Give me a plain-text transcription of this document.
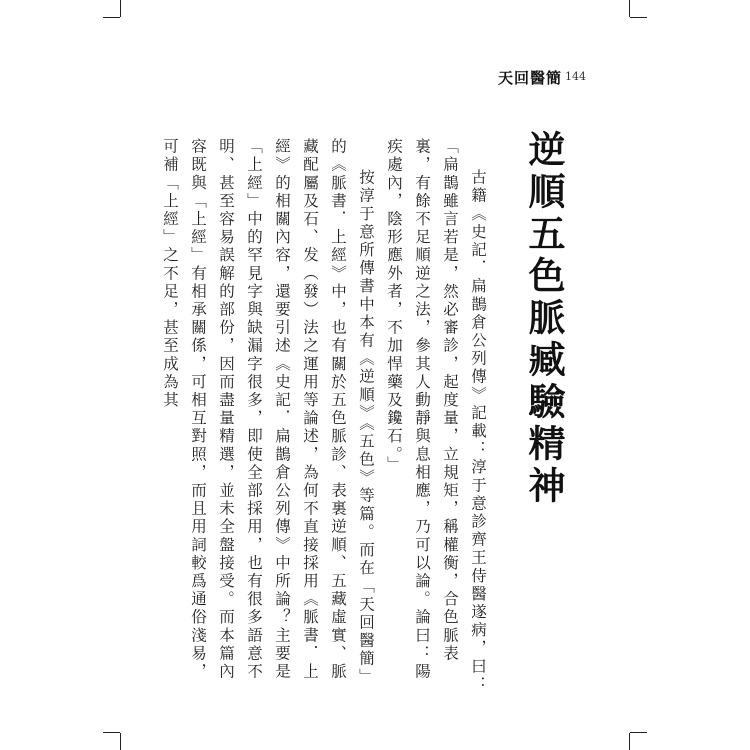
天回醫簡 144
逆順五色脈臧驗精神

古籍《史記．扁鵲倉公列傳》記載：淳于意診齊王侍醫遂病，曰：「扁鵲雖言若是，然必審診，起度量，立規矩，稱權衡，合色脈表裏，有餘不足順逆之法，參其人動靜與息相應，乃可以論。論曰：陽疾處內，陰形應外者，不加悍藥及鑱石。」

按淳于意所傳書中本有《逆順》《五色》等篇。而在「天回醫簡」的《脈書．上經》中，也有關於五色脈診、表裏逆順、五藏虛實、脈藏配屬及石、发（發）法之運用等論述，為何不直接採用《脈書．上經》的相關內容，還要引述《史記．扁鵲倉公列傳》中所論？主要是「上經」中的罕見字與缺漏字很多，即使全部採用，也有很多語意不明、甚至容易誤解的部份，因而盡量精選，並未全盤接受。而本篇內容既與「上經」有相承關係，可相互對照，而且用詞較爲通俗淺易，可補「上經」之不足，甚至成為其
